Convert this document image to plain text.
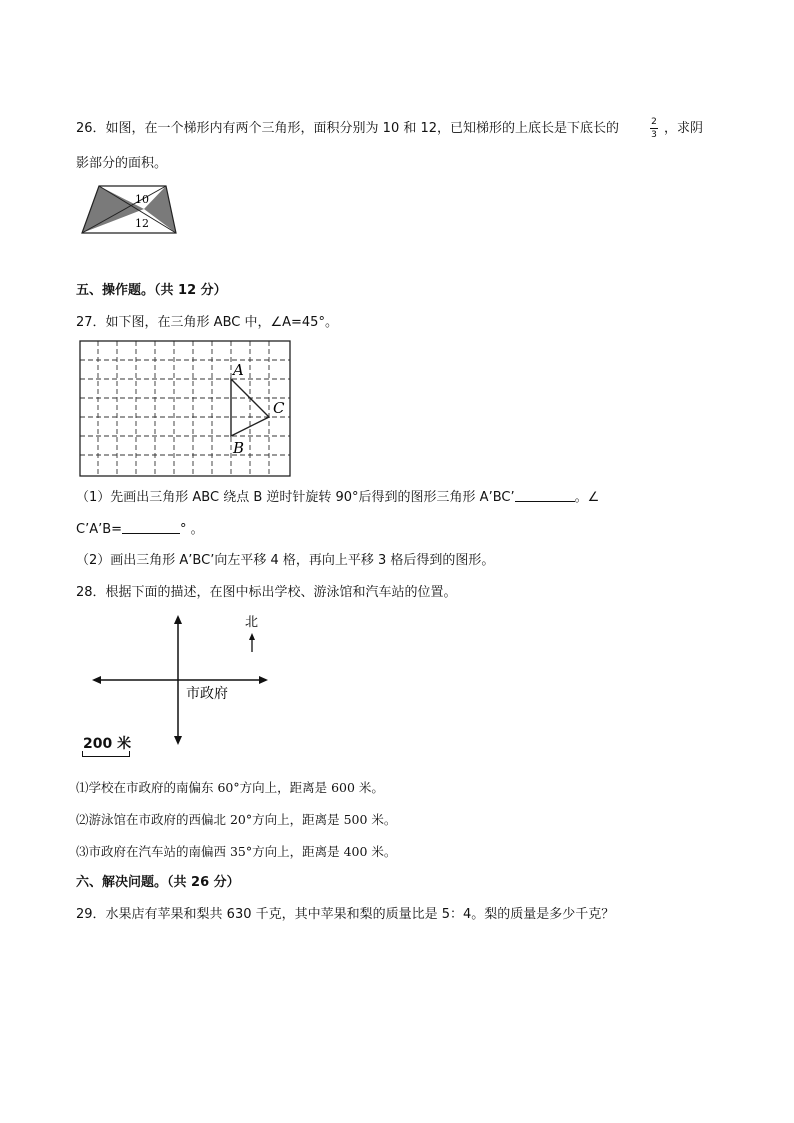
26．如图，在一个梯形内有两个三角形，面积分别为 10 和 12，已知梯形的上底长是下底长的	2
3 ，求阴
影部分的面积。
10
12
五、操作题。（共 12 分）
27．如下图，在三角形 ABC 中，∠A=45°。
A
B
C
（1）先画出三角形 ABC 绕点 B 逆时针旋转 90°后得到的图形三角形 A’BC’	。∠
C’A’B=	° 。
（2）画出三角形 A’BC’向左平移 4 格，再向上平移 3 格后得到的图形。
28．根据下面的描述，在图中标出学校、游泳馆和汽车站的位置。
北
市政府
200 米
⑴学校在市政府的南偏东 60°方向上，距离是 600 米。
⑵游泳馆在市政府的西偏北 20°方向上，距离是 500 米。
⑶市政府在汽车站的南偏西 35°方向上，距离是 400 米。
六、解决问题。（共 26 分）
29．水果店有苹果和梨共 630 千克，其中苹果和梨的质量比是 5：4。梨的质量是多少千克？
